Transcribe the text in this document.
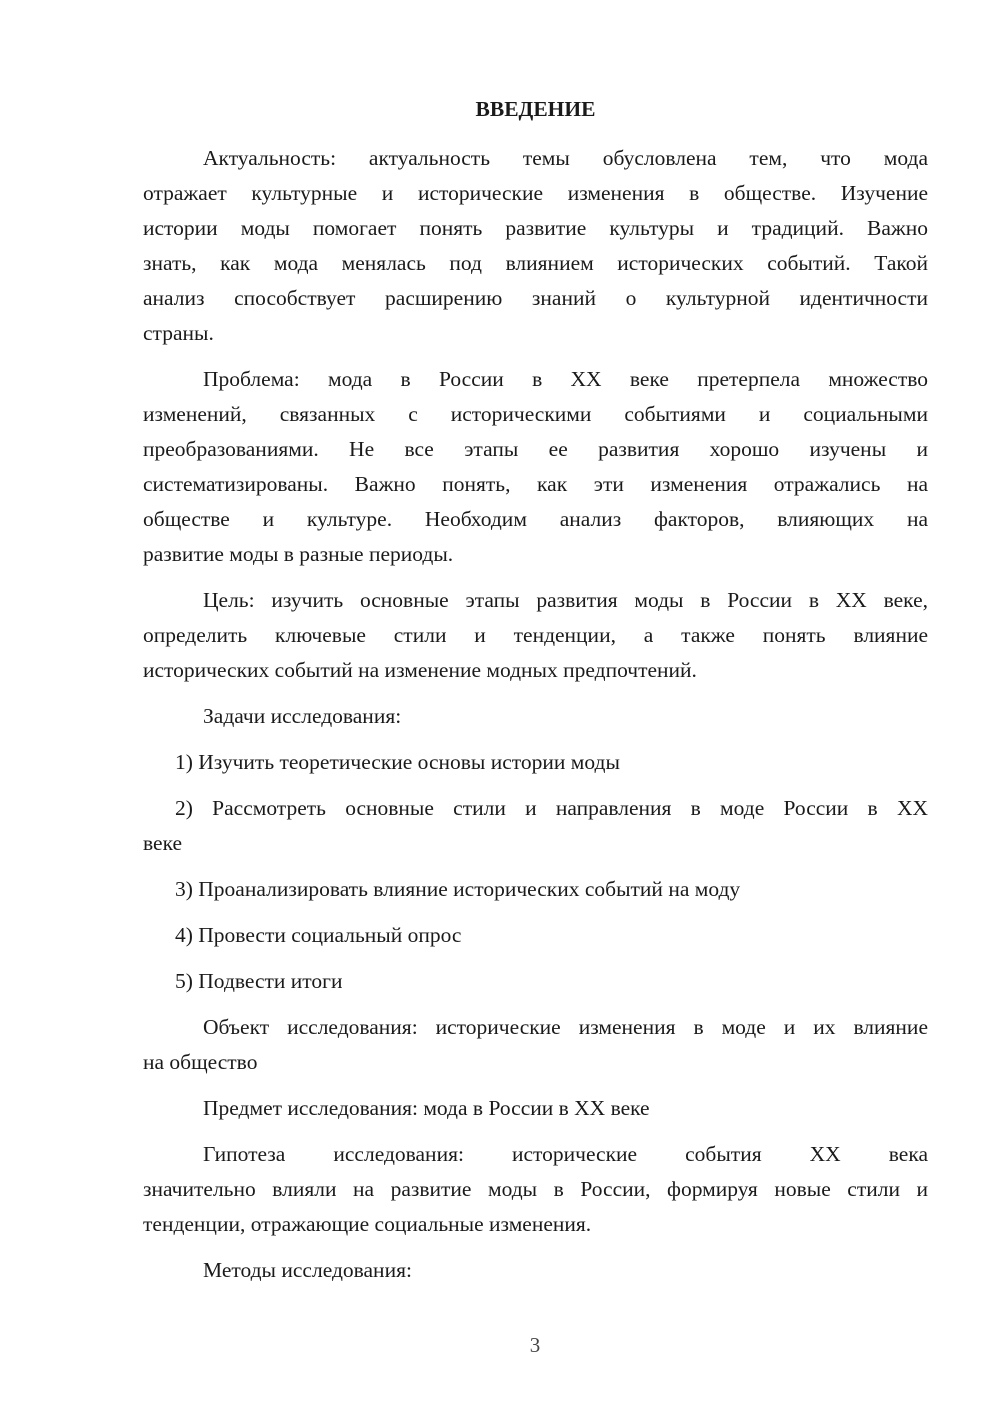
ВВЕДЕНИЕ
Актуальность: актуальность темы обусловлена тем, что мода
отражает культурные и исторические изменения в обществе. Изучение
истории моды помогает понять развитие культуры и традиций. Важно
знать, как мода менялась под влиянием исторических событий. Такой
анализ способствует расширению знаний о культурной идентичности
страны.
Проблема: мода в России в XX веке претерпела множество
изменений, связанных с историческими событиями и социальными
преобразованиями. Не все этапы ее развития хорошо изучены и
систематизированы. Важно понять, как эти изменения отражались на
обществе и культуре. Необходим анализ факторов, влияющих на
развитие моды в разные периоды.
Цель: изучить основные этапы развития моды в России в XX веке,
определить ключевые стили и тенденции, а также понять влияние
исторических событий на изменение модных предпочтений.
Задачи исследования:
1) Изучить теоретические основы истории моды
2) Рассмотреть основные стили и направления в моде России в XX
веке
3) Проанализировать влияние исторических событий на моду
4) Провести социальный опрос
5) Подвести итоги
Объект исследования: исторические изменения в моде и их влияние
на общество
Предмет исследования: мода в России в XX веке
Гипотеза исследования: исторические события XX века
значительно влияли на развитие моды в России, формируя новые стили и
тенденции, отражающие социальные изменения.
Методы исследования:
3
